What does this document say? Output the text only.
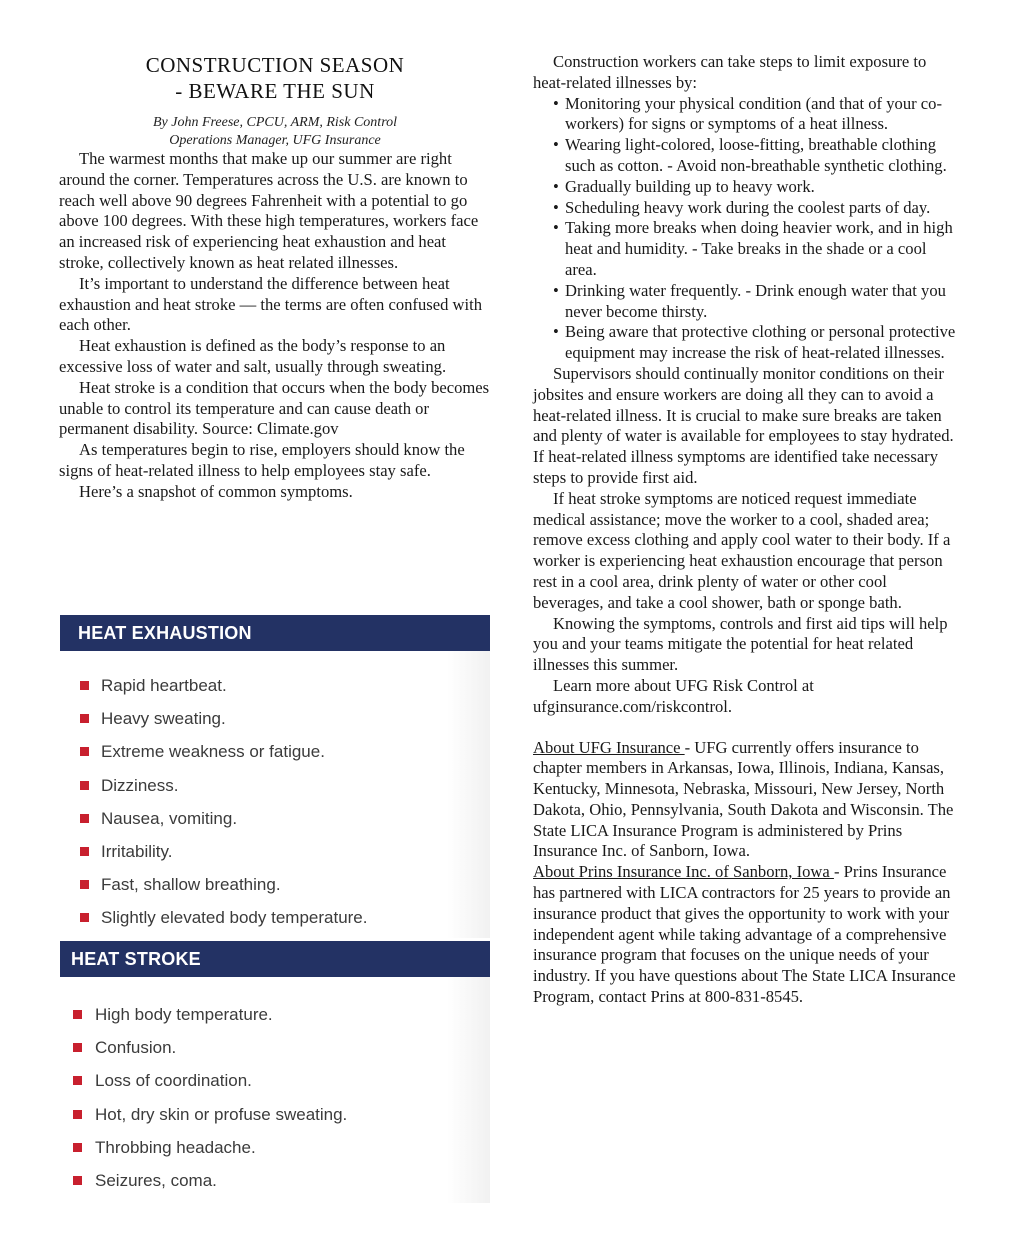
CONSTRUCTION SEASON
- BEWARE THE SUN

By John Freese, CPCU, ARM, Risk Control
Operations Manager, UFG Insurance

The warmest months that make up our summer are right around the corner. Temperatures across the U.S. are known to reach well above 90 degrees Fahrenheit with a potential to go above 100 degrees. With these high temperatures, workers face an increased risk of experiencing heat exhaustion and heat stroke, collectively known as heat related illnesses.

It’s important to understand the difference between heat exhaustion and heat stroke — the terms are often confused with each other.

Heat exhaustion is defined as the body’s response to an excessive loss of water and salt, usually through sweating.

Heat stroke is a condition that occurs when the body becomes unable to control its temperature and can cause death or permanent disability. Source: Climate.gov

As temperatures begin to rise, employers should know the signs of heat-related illness to help employees stay safe.

Here’s a snapshot of common symptoms.

HEAT EXHAUSTION
Rapid heartbeat.
Heavy sweating.
Extreme weakness or fatigue.
Dizziness.
Nausea, vomiting.
Irritability.
Fast, shallow breathing.
Slightly elevated body temperature.
HEAT STROKE
High body temperature.
Confusion.
Loss of coordination.
Hot, dry skin or profuse sweating.
Throbbing headache.
Seizures, coma.

Construction workers can take steps to limit exposure to heat-related illnesses by:

• Monitoring your physical condition (and that of your co-workers) for signs or symptoms of a heat illness.
• Wearing light-colored, loose-fitting, breathable clothing such as cotton. - Avoid non-breathable synthetic clothing.
• Gradually building up to heavy work.
• Scheduling heavy work during the coolest parts of day.
• Taking more breaks when doing heavier work, and in high heat and humidity. - Take breaks in the shade or a cool area.
• Drinking water frequently. - Drink enough water that you never become thirsty.
• Being aware that protective clothing or personal protective equipment may increase the risk of heat-related illnesses.

Supervisors should continually monitor conditions on their jobsites and ensure workers are doing all they can to avoid a heat-related illness. It is crucial to make sure breaks are taken and plenty of water is available for employees to stay hydrated. If heat-related illness symptoms are identified take necessary steps to provide first aid.

If heat stroke symptoms are noticed request immediate medical assistance; move the worker to a cool, shaded area; remove excess clothing and apply cool water to their body. If a worker is experiencing heat exhaustion encourage that person rest in a cool area, drink plenty of water or other cool beverages, and take a cool shower, bath or sponge bath.

Knowing the symptoms, controls and first aid tips will help you and your teams mitigate the potential for heat related illnesses this summer.

Learn more about UFG Risk Control at ufginsurance.com/riskcontrol.

About UFG Insurance - UFG currently offers insurance to chapter members in Arkansas, Iowa, Illinois, Indiana, Kansas, Kentucky, Minnesota, Nebraska, Missouri, New Jersey, North Dakota, Ohio, Pennsylvania, South Dakota and Wisconsin. The State LICA Insurance Program is administered by Prins Insurance Inc. of Sanborn, Iowa.

About Prins Insurance Inc. of Sanborn, Iowa - Prins Insurance has partnered with LICA contractors for 25 years to provide an insurance product that gives the opportunity to work with your independent agent while taking advantage of a comprehensive insurance program that focuses on the unique needs of your industry. If you have questions about The State LICA Insurance Program, contact Prins at 800-831-8545.
